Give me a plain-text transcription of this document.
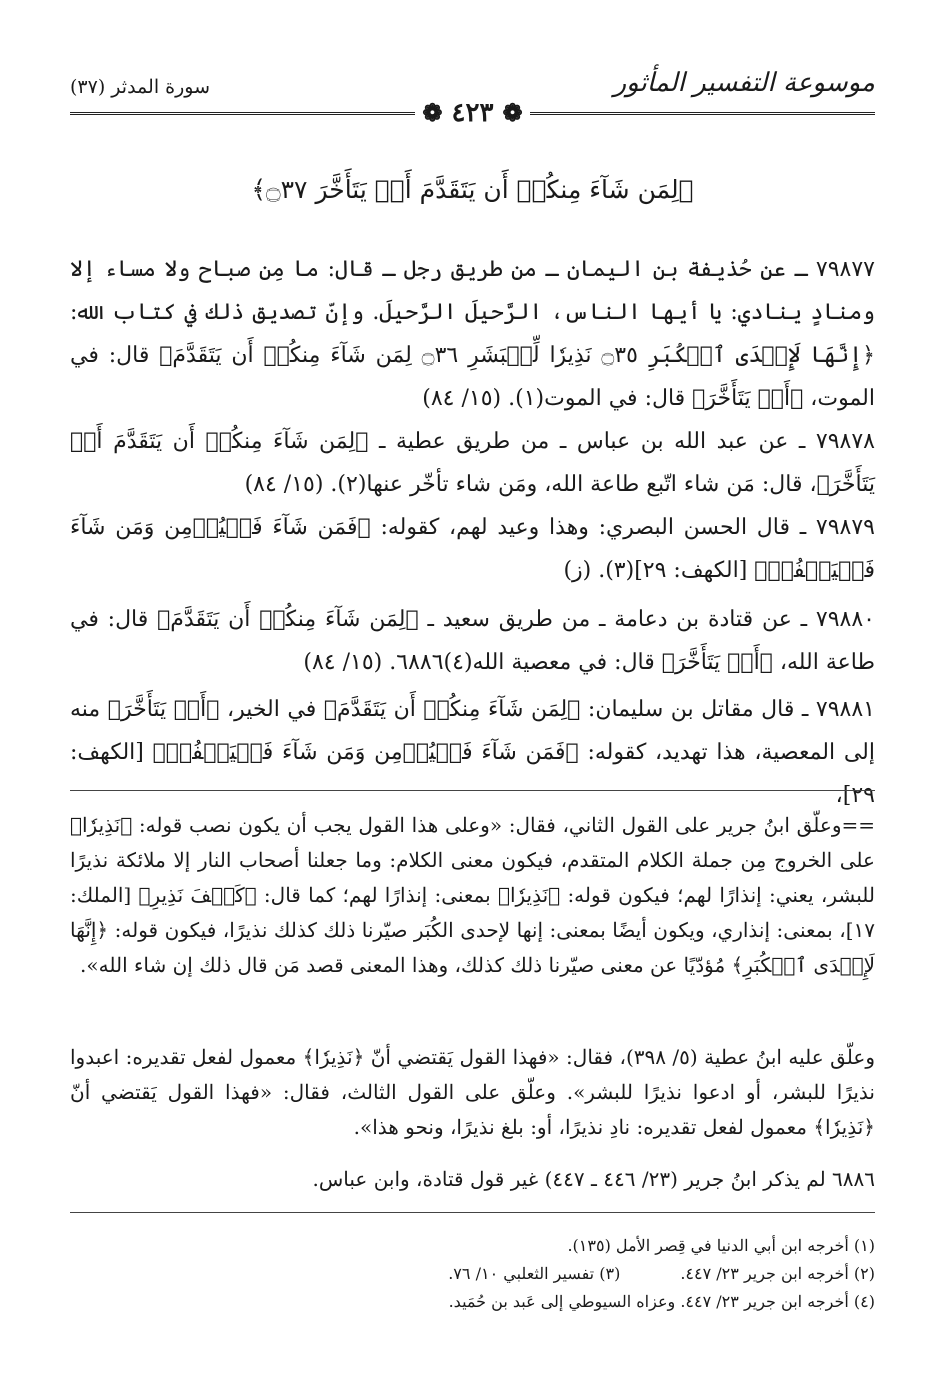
موسوعة التفسير المأثور
سورة المدثر (٣٧)
❁ ٤٢٣ ❁
﴿لِمَن شَآءَ مِنكُمۡ أَن يَتَقَدَّمَ أَوۡ يَتَأَخَّرَ ۝٣٧﴾
٧٩٨٧٧ ـ عن حُذيفة بن اليمان ـ من طريق رجل ـ قال: ما مِن صباح ولا مساء إلا ومنادٍ ينادي: يا أيها الناس، الرَّحيلَ الرَّحيلَ. وإنّ تصديق ذلك في كتاب الله: ﴿إِنَّهَا لَإِحۡدَى ٱلۡكُبَرِ ۝٣٥ نَذِيرٗا لِّلۡبَشَرِ ۝٣٦ لِمَن شَآءَ مِنكُمۡ أَن يَتَقَدَّمَ﴾ قال: في الموت، ﴿أَوۡ يَتَأَخَّرَ﴾ قال: في الموت(١). (١٥/ ٨٤)
٧٩٨٧٨ ـ عن عبد الله بن عباس ـ من طريق عطية ـ ﴿لِمَن شَآءَ مِنكُمۡ أَن يَتَقَدَّمَ أَوۡ يَتَأَخَّرَ﴾، قال: مَن شاء اتّبع طاعة الله، ومَن شاء تأخّر عنها(٢). (١٥/ ٨٤)
٧٩٨٧٩ ـ قال الحسن البصري: وهذا وعيد لهم، كقوله: ﴿فَمَن شَآءَ فَلۡيُؤۡمِن وَمَن شَآءَ فَلۡيَكۡفُرۡ﴾ [الكهف: ٢٩](٣). (ز)
٧٩٨٨٠ ـ عن قتادة بن دعامة ـ من طريق سعيد ـ ﴿لِمَن شَآءَ مِنكُمۡ أَن يَتَقَدَّمَ﴾ قال: في طاعة الله، ﴿أَوۡ يَتَأَخَّرَ﴾ قال: في معصية الله(٤)٦٨٨٦. (١٥/ ٨٤)
٧٩٨٨١ ـ قال مقاتل بن سليمان: ﴿لِمَن شَآءَ مِنكُمۡ أَن يَتَقَدَّمَ﴾ في الخير، ﴿أَوۡ يَتَأَخَّرَ﴾ منه إلى المعصية، هذا تهديد، كقوله: ﴿فَمَن شَآءَ فَلۡيُؤۡمِن وَمَن شَآءَ فَلۡيَكۡفُرۡ﴾ [الكهف: ٢٩]،
==وعلّق ابنُ جرير على القول الثاني، فقال: «وعلى هذا القول يجب أن يكون نصب قوله: ﴿نَذِيرٗا﴾ على الخروج مِن جملة الكلام المتقدم، فيكون معنى الكلام: وما جعلنا أصحاب النار إلا ملائكة نذيرًا للبشر، يعني: إنذارًا لهم؛ فيكون قوله: ﴿نَذِيرٗا﴾ بمعنى: إنذارًا لهم؛ كما قال: ﴿كَيۡفَ نَذِيرِ﴾ [الملك: ١٧]، بمعنى: إنذاري، ويكون أيضًا بمعنى: إنها لإحدى الكُبَر صيّرنا ذلك كذلك نذيرًا، فيكون قوله: ﴿إِنَّهَا لَإِحۡدَى ٱلۡكُبَرِ﴾ مُؤدّيًا عن معنى صيّرنا ذلك كذلك، وهذا المعنى قصد مَن قال ذلك إن شاء الله».
وعلّق عليه ابنُ عطية (٥/ ٣٩٨)، فقال: «فهذا القول يَقتضي أنّ ﴿نَذِيرٗا﴾ معمول لفعل تقديره: اعبدوا نذيرًا للبشر، أو ادعوا نذيرًا للبشر». وعلّق على القول الثالث، فقال: «فهذا القول يَقتضي أنّ ﴿نَذِيرٗا﴾ معمول لفعل تقديره: نادِ نذيرًا، أو: بلغ نذيرًا، ونحو هذا».
٦٨٨٦ لم يذكر ابنُ جرير (٢٣/ ٤٤٦ ـ ٤٤٧) غير قول قتادة، وابن عباس.
(١) أخرجه ابن أبي الدنيا في قِصر الأمل (١٣٥).
(٢) أخرجه ابن جرير ٢٣/ ٤٤٧.
(٣) تفسير الثعلبي ١٠/ ٧٦.
(٤) أخرجه ابن جرير ٢٣/ ٤٤٧. وعزاه السيوطي إلى عَبد بن حُمَيد.
